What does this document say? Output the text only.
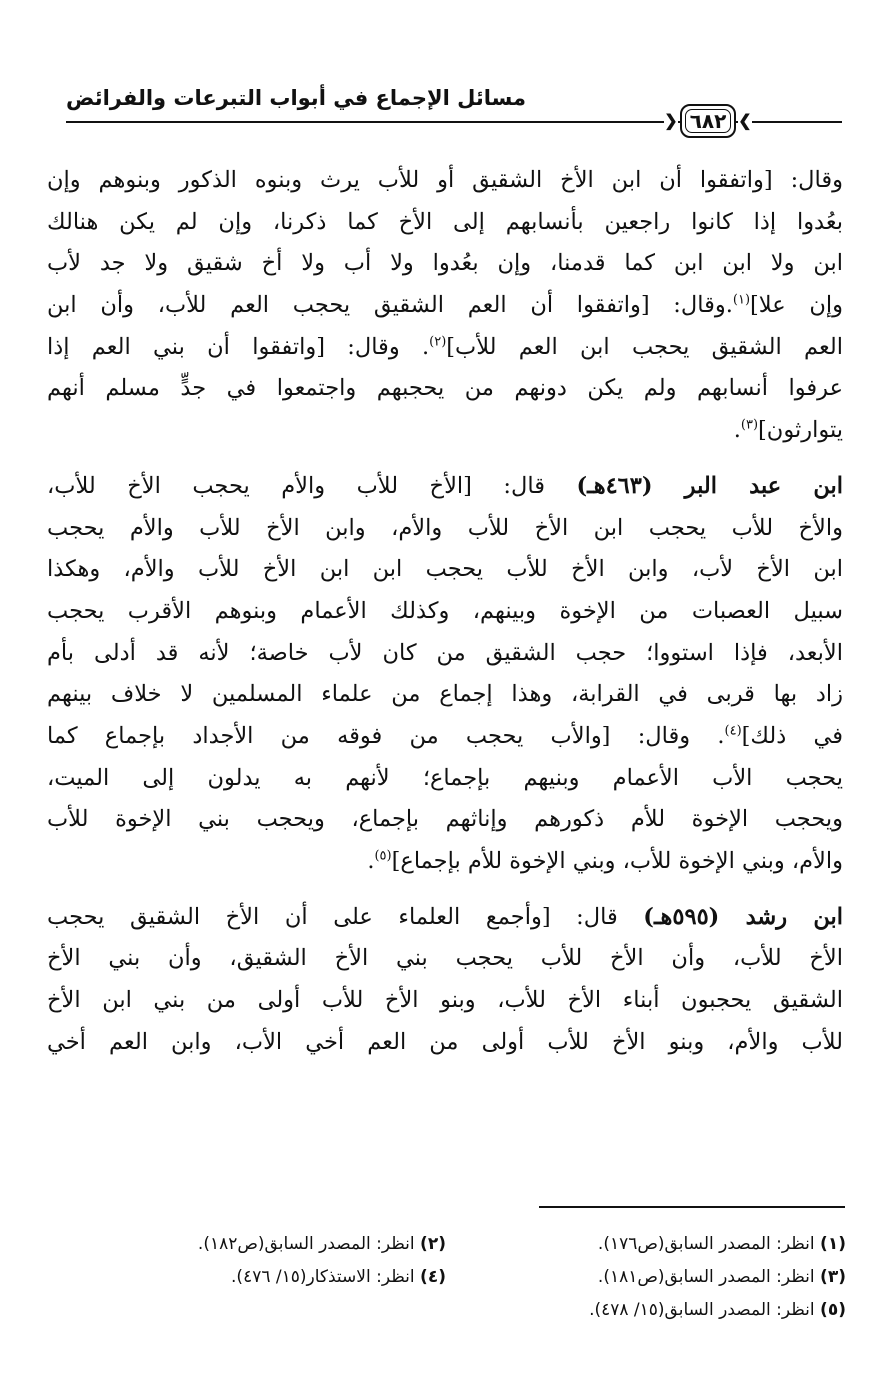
مسائل الإجماع في أبواب التبرعات والفرائض
❮	❯
٦٨٢
وقال: [واتفقوا أن ابن الأخ الشقيق أو للأب يرث وبنوه الذكور وبنوهم وإن
بعُدوا إذا كانوا راجعين بأنسابهم إلى الأخ كما ذكرنا، وإن لم يكن هنالك
ابن ولا ابن ابن كما قدمنا، وإن بعُدوا ولا أب ولا أخ شقيق ولا جد لأب
وإن علا]$^{(١)}$.وقال: [واتفقوا أن العم الشقيق يحجب العم للأب، وأن ابن
العم الشقيق يحجب ابن العم للأب]$^{(٢)}$. وقال: [واتفقوا أن بني العم إذا
عرفوا أنسابهم ولم يكن دونهم من يحجبهم واجتمعوا في جدٍّ مسلم أنهم
يتوارثون]$^{(٣)}$.
ابن عبد البر (٤٦٣هـ) قال: [الأخ للأب والأم يحجب الأخ للأب،
والأخ للأب يحجب ابن الأخ للأب والأم، وابن الأخ للأب والأم يحجب
ابن الأخ لأب، وابن الأخ للأب يحجب ابن ابن الأخ للأب والأم، وهكذا
سبيل العصبات من الإخوة وبينهم، وكذلك الأعمام وبنوهم الأقرب يحجب
الأبعد، فإذا استووا؛ حجب الشقيق من كان لأب خاصة؛ لأنه قد أدلى بأم
زاد بها قربى في القرابة، وهذا إجماع من علماء المسلمين لا خلاف بينهم
في ذلك]$^{(٤)}$. وقال: [والأب يحجب من فوقه من الأجداد بإجماع كما
يحجب الأب الأعمام وبنيهم بإجماع؛ لأنهم به يدلون إلى الميت،
ويحجب الإخوة للأم ذكورهم وإناثهم بإجماع، ويحجب بني الإخوة للأب
والأم، وبني الإخوة للأب، وبني الإخوة للأم بإجماع]$^{(٥)}$.
ابن رشد (٥٩٥هـ) قال: [وأجمع العلماء على أن الأخ الشقيق يحجب
الأخ للأب، وأن الأخ للأب يحجب بني الأخ الشقيق، وأن بني الأخ
الشقيق يحجبون أبناء الأخ للأب، وبنو الأخ للأب أولى من بني ابن الأخ
للأب والأم، وبنو الأخ للأب أولى من العم أخي الأب، وابن العم أخي
(١) انظر: المصدر السابق(ص١٧٦).
(٢) انظر: المصدر السابق(ص١٨٢).
(٣) انظر: المصدر السابق(ص١٨١).
(٤) انظر: الاستذكار(١٥/ ٤٧٦).
(٥) انظر: المصدر السابق(١٥/ ٤٧٨).
